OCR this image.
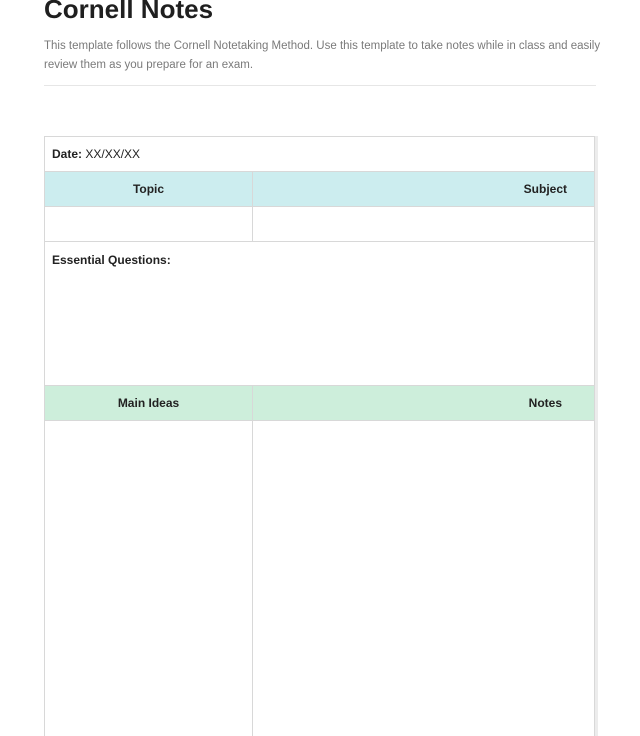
Cornell Notes

This template follows the Cornell Notetaking Method. Use this template to take notes while in class and easily review them as you prepare for an exam.

Date: XX/XX/XX	
Topic	Subject

Essential Questions:	
Main Ideas	Notes
